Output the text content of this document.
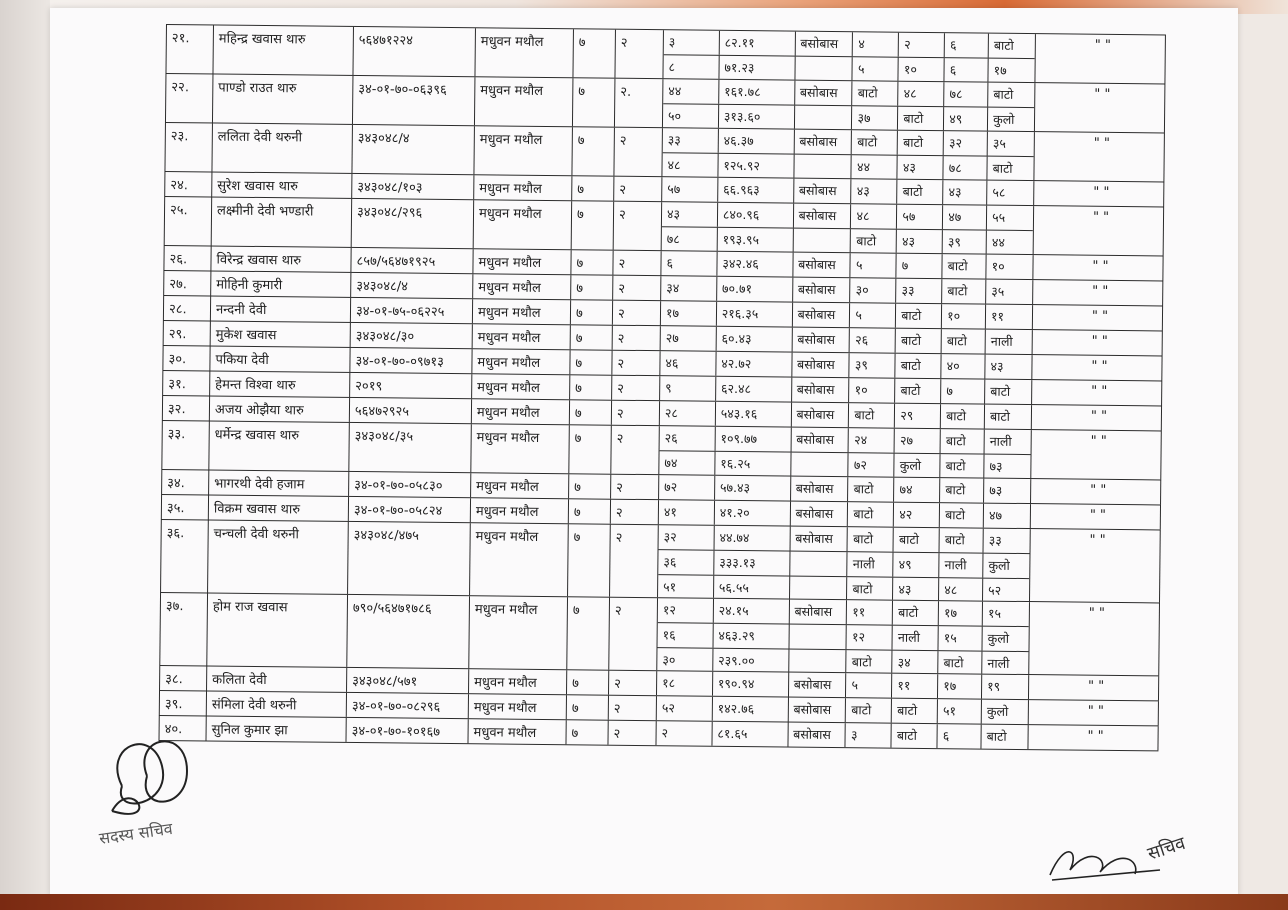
२१.	महिन्द्र खवास थारु	५६४७१२२४	मधुवन मथौल	७	२	३	८२.११	बसोबास	४	२	६	बाटो
८	७१.२३	५	१०	६	१७
" "
२२.	पाण्डो राउत थारु	३४-०१-७०-०६३९६	मधुवन मथौल	७	२.	४४	१६१.७८	बसोबास	बाटो	४८	७८	बाटो
५०	३१३.६०	३७	बाटो	४९	कुलो
" "
२३.	ललिता देवी थरुनी	३४३०४८/४	मधुवन मथौल	७	२	३३	४६.३७	बसोबास	बाटो	बाटो	३२	३५
४८	१२५.९२	४४	४३	७८	बाटो
" "
२४.	सुरेश खवास थारु	३४३०४८/१०३	मधुवन मथौल	७	२	५७	६६.९६३	बसोबास	४३	बाटो	४३	५८	" "
२५.	लक्ष्मीनी देवी भण्डारी	३४३०४८/२९६	मधुवन मथौल	७	२	४३	८४०.९६	बसोबास	४८	५७	४७	५५
७८	१९३.९५	बाटो	४३	३९	४४
" "
२६.	विरेन्द्र खवास थारु	८५७/५६४७१९२५	मधुवन मथौल	७	२	६	३४२.४६	बसोबास	५	७	बाटो	१०	" "
२७.	मोहिनी कुमारी	३४३०४८/४	मधुवन मथौल	७	२	३४	७०.७१	बसोबास	३०	३३	बाटो	३५	" "
२८.	नन्दनी देवी	३४-०१-७५-०६२२५	मधुवन मथौल	७	२	१७	२१६.३५	बसोबास	५	बाटो	१०	११	" "
२९.	मुकेश खवास	३४३०४८/३०	मधुवन मथौल	७	२	२७	६०.४३	बसोबास	२६	बाटो	बाटो	नाली	" "
३०.	पकिया देवी	३४-०१-७०-०९७१३	मधुवन मथौल	७	२	४६	४२.७२	बसोबास	३९	बाटो	४०	४३	" "
३१.	हेमन्त विश्वा थारु	२०१९	मधुवन मथौल	७	२	९	६२.४८	बसोबास	१०	बाटो	७	बाटो	" "
३२.	अजय ओझैया थारु	५६४७२९२५	मधुवन मथौल	७	२	२८	५४३.१६	बसोबास	बाटो	२९	बाटो	बाटो	" "
३३.	धर्मेन्द्र खवास थारु	३४३०४८/३५	मधुवन मथौल	७	२	२६	१०९.७७	बसोबास	२४	२७	बाटो	नाली
७४	१६.२५	७२	कुलो	बाटो	७३
" "
३४.	भागरथी देवी हजाम	३४-०१-७०-०५८३०	मधुवन मथौल	७	२	७२	५७.४३	बसोबास	बाटो	७४	बाटो	७३	" "
३५.	विक्रम खवास थारु	३४-०१-७०-०५८२४	मधुवन मथौल	७	२	४१	४१.२०	बसोबास	बाटो	४२	बाटो	४७	" "
३६.	चन्चली देवी थरुनी	३४३०४८/४७५	मधुवन मथौल	७	२	३२	४४.७४	बसोबास	बाटो	बाटो	बाटो	३३
३६	३३३.१३	नाली	४९	नाली	कुलो
५१	५६.५५	बाटो	४३	४८	५२
" "
३७.	होम राज खवास	७९०/५६४७१७८६	मधुवन मथौल	७	२	१२	२४.१५	बसोबास	११	बाटो	१७	१५
१६	४६३.२९	१२	नाली	१५	कुलो
३०	२३९.००	बाटो	३४	बाटो	नाली
" "
३८.	कलिता देवी	३४३०४८/५७१	मधुवन मथौल	७	२	१८	१९०.९४	बसोबास	५	११	१७	१९	" "
३९.	संमिला देवी थरुनी	३४-०१-७०-०८२९६	मधुवन मथौल	७	२	५२	१४२.७६	बसोबास	बाटो	बाटो	५१	कुलो	" "
४०.	सुनिल कुमार झा	३४-०१-७०-१०१६७	मधुवन मथौल	७	२	२	८१.६५	बसोबास	३	बाटो	६	बाटो	" "
सदस्य सचिव	सचिव
